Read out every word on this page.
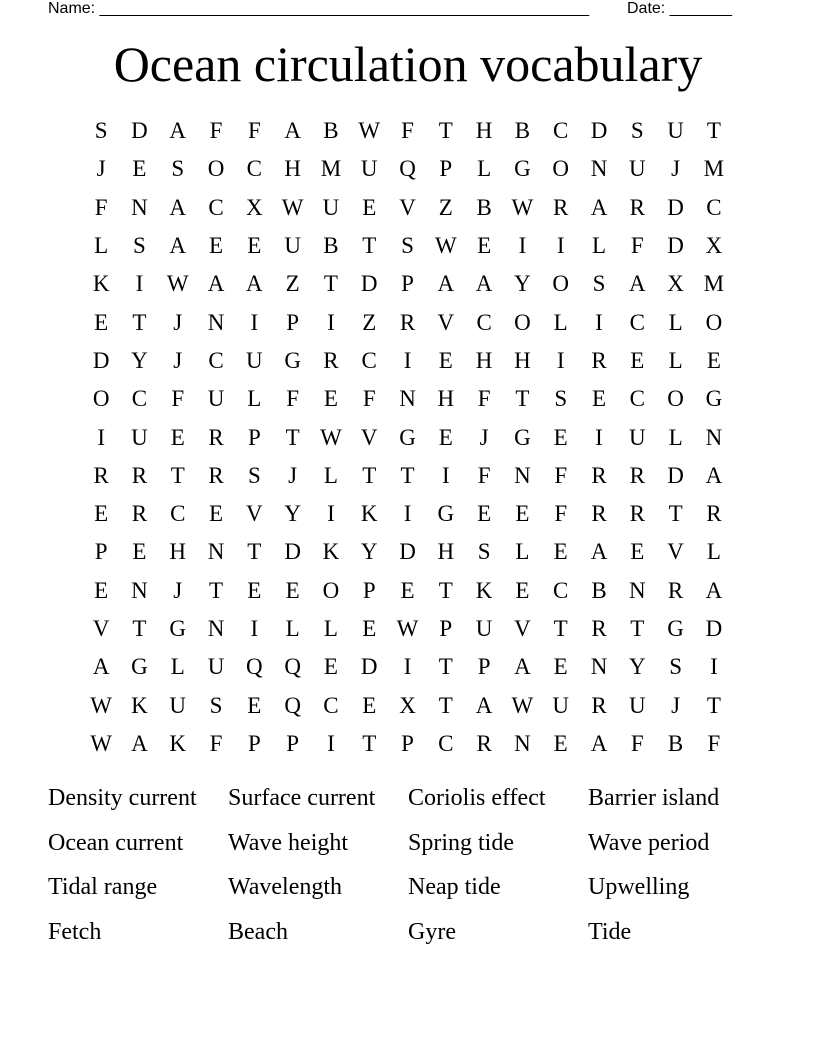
Name: _______________________________________________________ Date: _______
Ocean circulation vocabulary
S	D A	F	F	A B W F	T H B C D	S	U T
J	E	S	O C H M U Q	P	L G O N U	J	M
F	N A C X W U E V Z	B W R A R D C
L	S	A E	E U B	T	S W E	I	I	L	F	D X
K	I	W A A Z	T D	P	A A Y O	S	A X M
E	T	J	N	I	P	I	Z	R V C O L	I	C	L O
D Y	J	C U G R C	I	E H H	I	R	E	L	E
O C	F	U L	F	E	F	N H	F	T	S	E	C O G
I	U E	R	P	T W V G E	J	G E	I	U L N
R R	T	R	S	J	L	T	T	I	F	N	F	R R D A
E	R C	E V Y	I	K	I	G E	E	F	R R	T	R
P	E H N T D K Y D H	S	L	E A E V L
E N	J	T	E	E O	P	E	T K E	C B N R A
V T G N	I	L	L	E W P	U V T	R	T G D
A G L U Q Q E D	I	T	P	A E N Y	S	I
W K U	S	E Q C	E X T A W U R U	J	T
W A K	F	P	P	I	T	P	C R N E A	F	B	F
Density current	Surface current	Coriolis effect	Barrier island
Ocean current	Wave height	Spring tide	Wave period
Tidal range	Wavelength	Neap tide	Upwelling
Fetch	Beach	Gyre	Tide
